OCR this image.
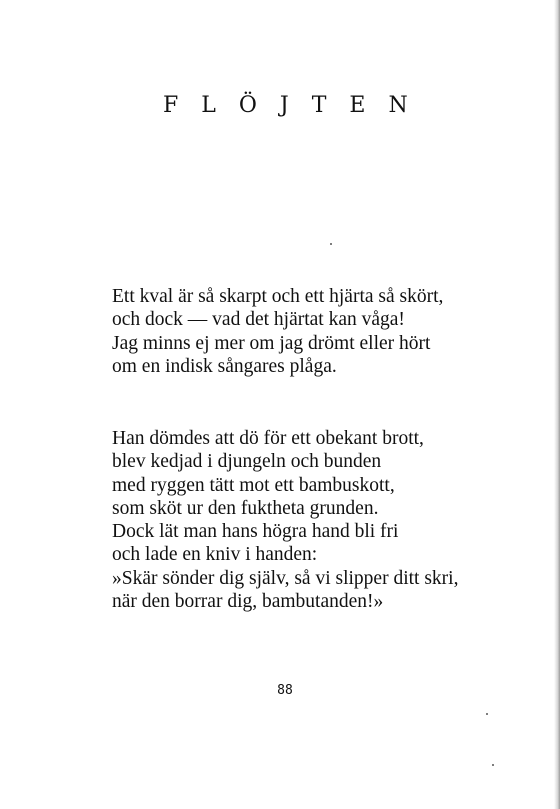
FLÖJTEN
Ett kval är så skarpt och ett hjärta så skört,
och dock — vad det hjärtat kan våga!
Jag minns ej mer om jag drömt eller hört
om en indisk sångares plåga.
Han dömdes att dö för ett obekant brott,
blev kedjad i djungeln och bunden
med ryggen tätt mot ett bambuskott,
som sköt ur den fuktheta grunden.
Dock lät man hans högra hand bli fri
och lade en kniv i handen:
»Skär sönder dig själv, så vi slipper ditt skri,
när den borrar dig, bambutanden!»
88
